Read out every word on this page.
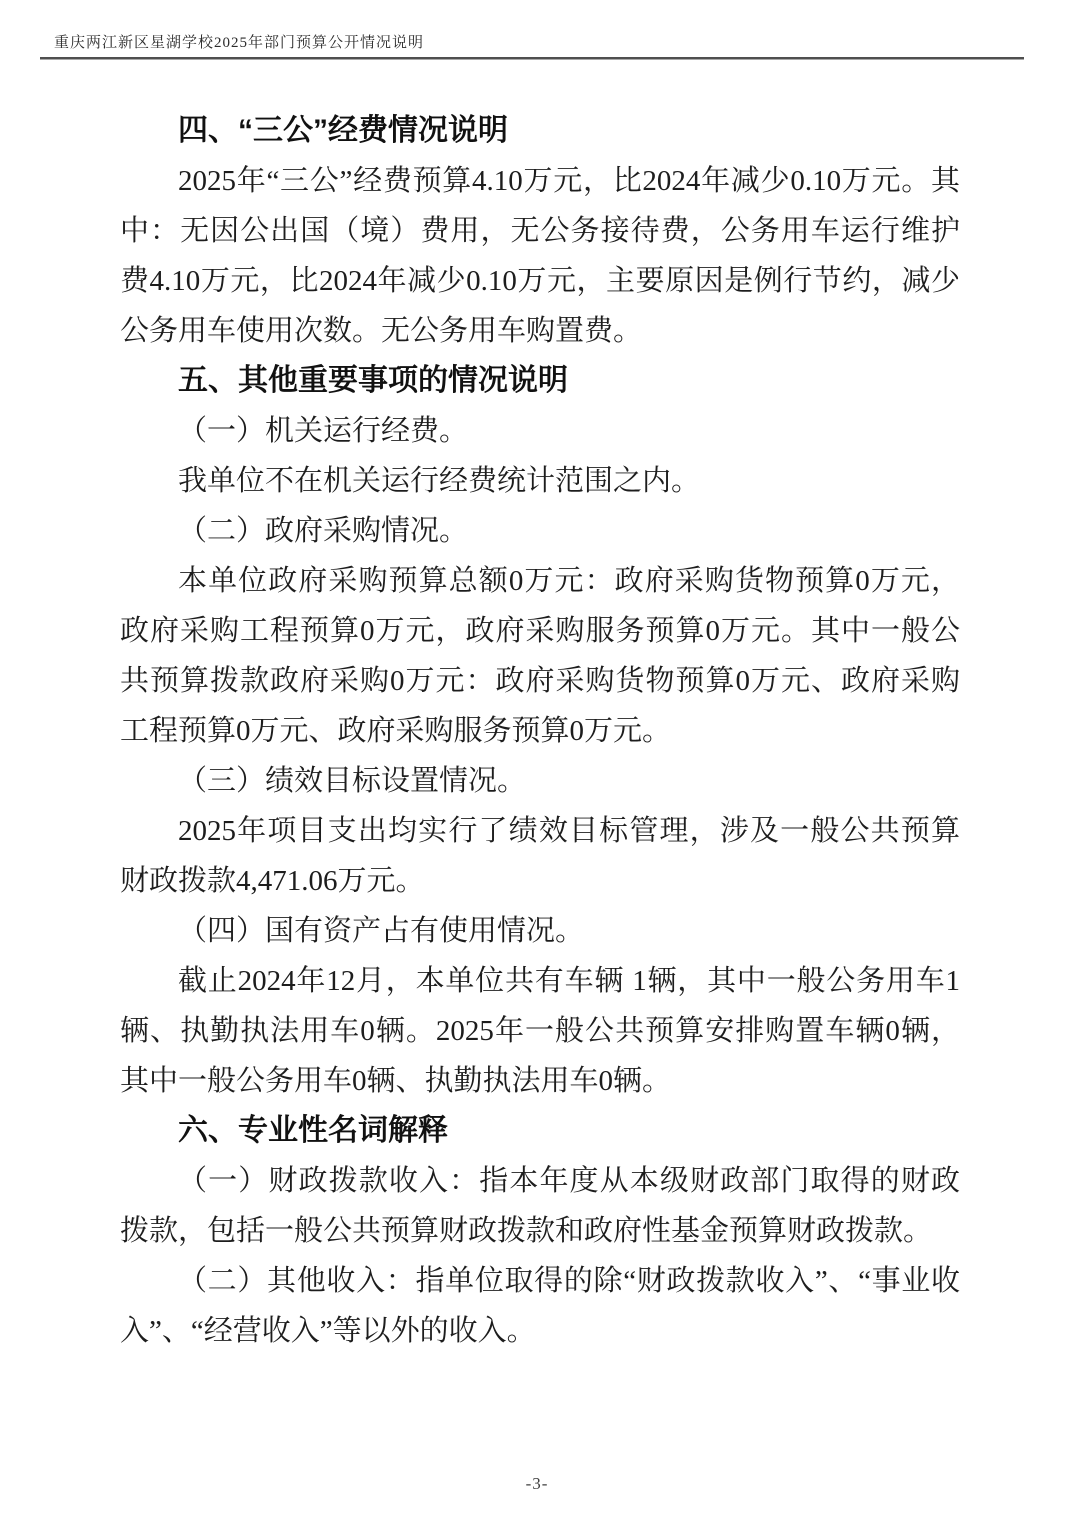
重庆两江新区星湖学校2025年部门预算公开情况说明
四、“三公”经费情况说明

2025年“三公”经费预算4.10万元，比2024年减少0.10万元。其中：无因公出国（境）费用，无公务接待费，公务用车运行维护费4.10万元，比2024年减少0.10万元，主要原因是例行节约，减少公务用车使用次数。无公务用车购置费。

五、其他重要事项的情况说明

（一）机关运行经费。

我单位不在机关运行经费统计范围之内。

（二）政府采购情况。

本单位政府采购预算总额0万元：政府采购货物预算0万元，政府采购工程预算0万元，政府采购服务预算0万元。其中一般公共预算拨款政府采购0万元：政府采购货物预算0万元、政府采购工程预算0万元、政府采购服务预算0万元。

（三）绩效目标设置情况。

2025年项目支出均实行了绩效目标管理，涉及一般公共预算财政拨款4,471.06万元。

（四）国有资产占有使用情况。

截止2024年12月，本单位共有车辆 1辆，其中一般公务用车1辆、执勤执法用车0辆。2025年一般公共预算安排购置车辆0辆，其中一般公务用车0辆、执勤执法用车0辆。

六、专业性名词解释

（一）财政拨款收入：指本年度从本级财政部门取得的财政拨款，包括一般公共预算财政拨款和政府性基金预算财政拨款。

（二）其他收入：指单位取得的除“财政拨款收入”、“事业收入”、“经营收入”等以外的收入。

-3-
